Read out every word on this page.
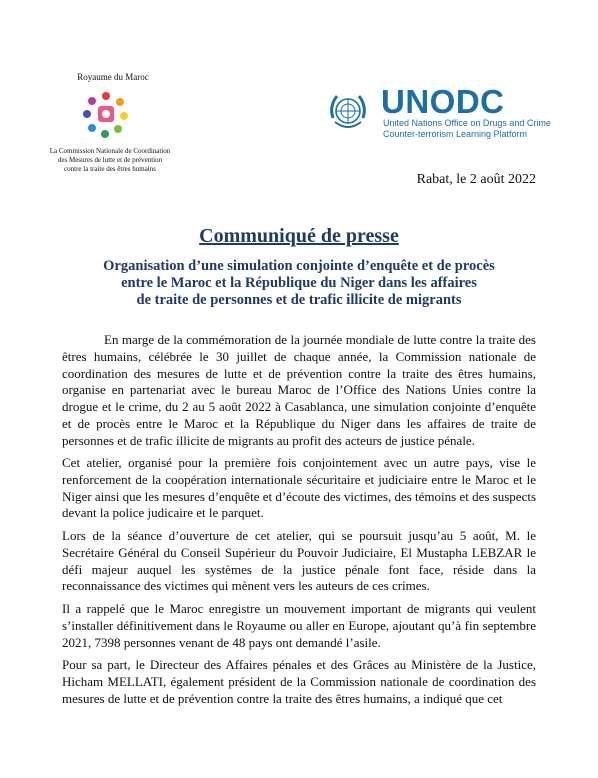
Royaume du Maroc
La Commission Nationale de Coordination
des Mesures de lutte et de prévention
contre la traite des êtres humains
UNODC
United Nations Office on Drugs and Crime
Counter-terrorism Learning Platform
Rabat, le 2 août 2022
Communiqué de presse
Organisation d’une simulation conjointe d’enquête et de procès
entre le Maroc et la République du Niger dans les affaires
de traite de personnes et de trafic illicite de migrants
En marge de la commémoration de la journée mondiale de lutte contre la traite des êtres humains, célébrée le 30 juillet de chaque année, la Commission nationale de coordination des mesures de lutte et de prévention contre la traite des êtres humains, organise en partenariat avec le bureau Maroc de l’Office des Nations Unies contre la drogue et le crime, du 2 au 5 août 2022 à Casablanca, une simulation conjointe d’enquête et de procès entre le Maroc et la République du Niger dans les affaires de traite de personnes et de trafic illicite de migrants au profit des acteurs de justice pénale.
Cet atelier, organisé pour la première fois conjointement avec un autre pays, vise le renforcement de la coopération internationale sécuritaire et judiciaire entre le Maroc et le Niger ainsi que les mesures d’enquête et d’écoute des victimes, des témoins et des suspects devant la police judicaire et le parquet.
Lors de la séance d’ouverture de cet atelier, qui se poursuit jusqu’au 5 août, M. le Secrétaire Général du Conseil Supérieur du Pouvoir Judiciaire, El Mustapha LEBZAR le défi majeur auquel les systèmes de la justice pénale font face, réside dans la reconnaissance des victimes qui mènent vers les auteurs de ces crimes.
Il a rappelé que le Maroc enregistre un mouvement important de migrants qui veulent s’installer définitivement dans le Royaume ou aller en Europe, ajoutant qu’à fin septembre 2021, 7398 personnes venant de 48 pays ont demandé l’asile.
Pour sa part, le Directeur des Affaires pénales et des Grâces au Ministère de la Justice, Hicham MELLATI, également président de la Commission nationale de coordination des mesures de lutte et de prévention contre la traite des êtres humains, a indiqué que cet
